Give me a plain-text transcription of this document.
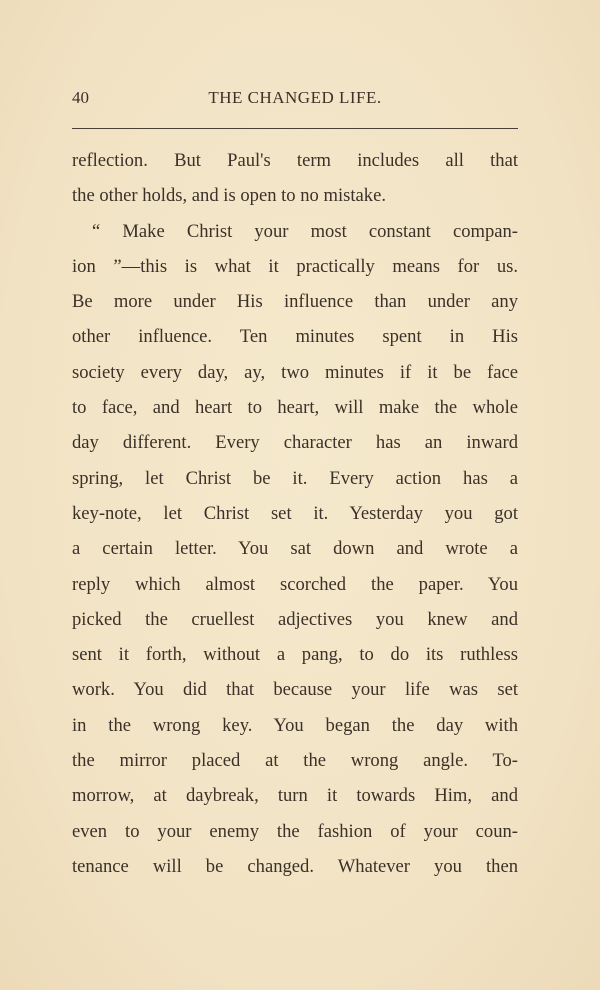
40	THE CHANGED LIFE.
reflection. But Paul's term includes all that
the other holds, and is open to no mistake.
“ Make Christ your most constant compan-
ion ”—this is what it practically means for us.
Be more under His influence than under any
other influence. Ten minutes spent in His
society every day, ay, two minutes if it be face
to face, and heart to heart, will make the whole
day different. Every character has an inward
spring, let Christ be it. Every action has a
key-note, let Christ set it. Yesterday you got
a certain letter. You sat down and wrote a
reply which almost scorched the paper. You
picked the cruellest adjectives you knew and
sent it forth, without a pang, to do its ruthless
work. You did that because your life was set
in the wrong key. You began the day with
the mirror placed at the wrong angle. To-
morrow, at daybreak, turn it towards Him, and
even to your enemy the fashion of your coun-
tenance will be changed. Whatever you then
